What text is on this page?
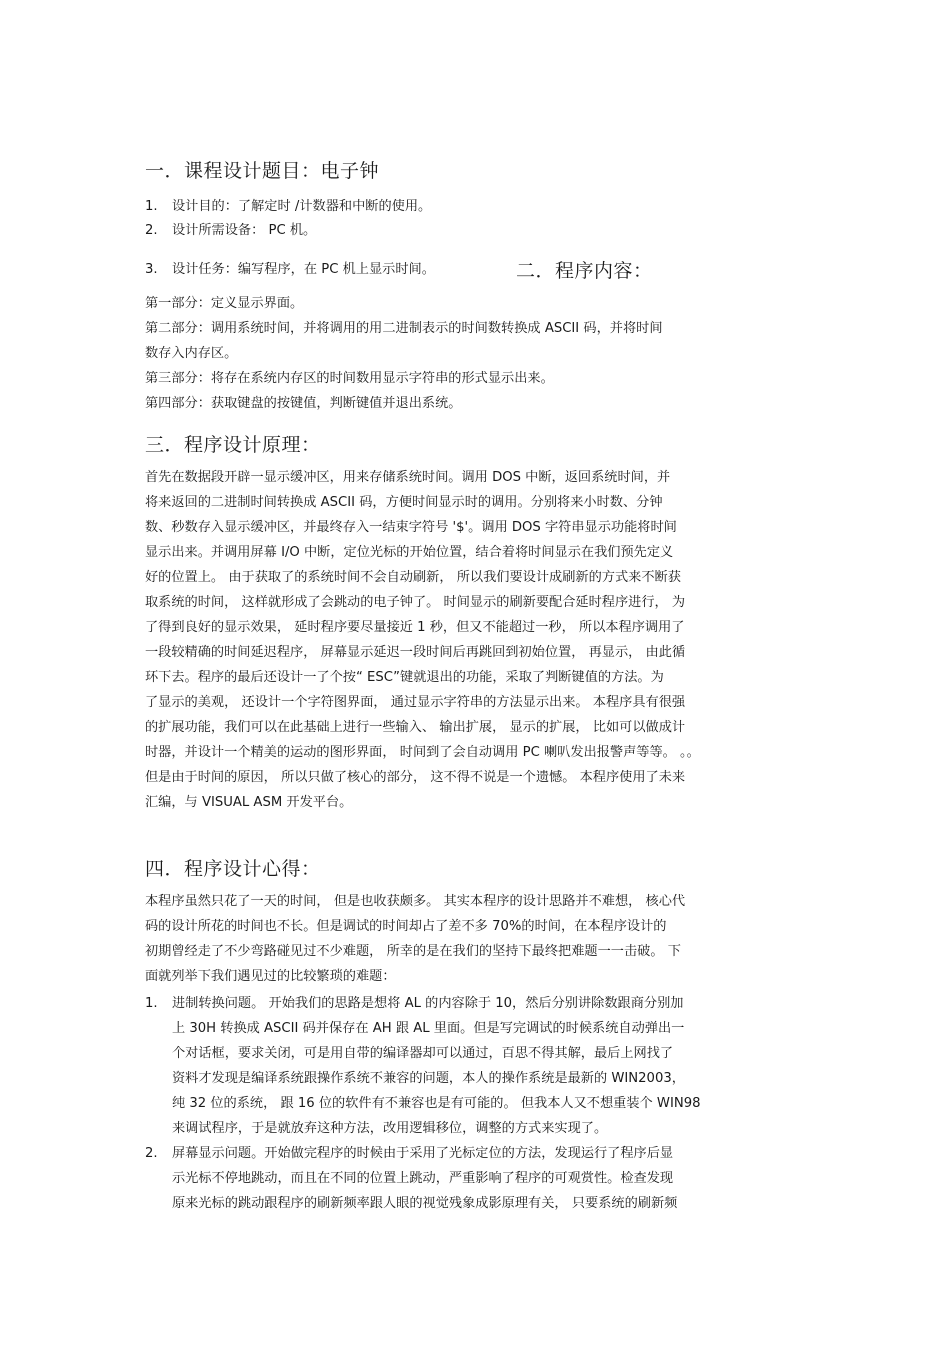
一．课程设计题目：电子钟
1. 设计目的：了解定时 /计数器和中断的使用。
2. 设计所需设备： PC 机。
3. 设计任务：编写程序，在 PC 机上显示时间。	二．程序内容：
第一部分：定义显示界面。
第二部分：调用系统时间，并将调用的用二进制表示的时间数转换成 ASCII 码，并将时间
数存入内存区。
第三部分：将存在系统内存区的时间数用显示字符串的形式显示出来。
第四部分：获取键盘的按键值，判断键值并退出系统。
三．程序设计原理：
首先在数据段开辟一显示缓冲区，用来存储系统时间。调用 DOS 中断，返回系统时间，并
将来返回的二进制时间转换成 ASCII 码，方便时间显示时的调用。分别将来小时数、分钟
数、秒数存入显示缓冲区，并最终存入一结束字符号 '$'。调用 DOS 字符串显示功能将时间
显示出来。并调用屏幕 I/O 中断，定位光标的开始位置，结合着将时间显示在我们预先定义
好的位置上。 由于获取了的系统时间不会自动刷新， 所以我们要设计成刷新的方式来不断获
取系统的时间， 这样就形成了会跳动的电子钟了。 时间显示的刷新要配合延时程序进行， 为
了得到良好的显示效果， 延时程序要尽量接近 1 秒，但又不能超过一秒， 所以本程序调用了
一段较精确的时间延迟程序， 屏幕显示延迟一段时间后再跳回到初始位置， 再显示， 由此循
环下去。程序的最后还设计一了个按“ ESC”键就退出的功能，采取了判断键值的方法。为
了显示的美观， 还设计一个字符图界面， 通过显示字符串的方法显示出来。 本程序具有很强
的扩展功能，我们可以在此基础上进行一些输入、 输出扩展， 显示的扩展， 比如可以做成计
时器，并设计一个精美的运动的图形界面， 时间到了会自动调用 PC 喇叭发出报警声等等。 。。
但是由于时间的原因， 所以只做了核心的部分， 这不得不说是一个遗憾。 本程序使用了未来
汇编，与 VISUAL ASM 开发平台。
四．程序设计心得：
本程序虽然只花了一天的时间， 但是也收获颇多。 其实本程序的设计思路并不难想， 核心代
码的设计所花的时间也不长。但是调试的时间却占了差不多 70%的时间，在本程序设计的
初期曾经走了不少弯路碰见过不少难题， 所幸的是在我们的坚持下最终把难题一一击破。 下
面就列举下我们遇见过的比较繁琐的难题：
1. 进制转换问题。 开始我们的思路是想将 AL 的内容除于 10，然后分别讲除数跟商分别加
上 30H 转换成 ASCII 码并保存在 AH 跟 AL 里面。但是写完调试的时候系统自动弹出一
个对话框，要求关闭，可是用自带的编译器却可以通过，百思不得其解，最后上网找了
资料才发现是编译系统跟操作系统不兼容的问题，本人的操作系统是最新的 WIN2003，
纯 32 位的系统， 跟 16 位的软件有不兼容也是有可能的。 但我本人又不想重装个 WIN98
来调试程序，于是就放弃这种方法，改用逻辑移位，调整的方式来实现了。
2. 屏幕显示问题。开始做完程序的时候由于采用了光标定位的方法，发现运行了程序后显
示光标不停地跳动，而且在不同的位置上跳动，严重影响了程序的可观赏性。检查发现
原来光标的跳动跟程序的刷新频率跟人眼的视觉残象成影原理有关， 只要系统的刷新频
